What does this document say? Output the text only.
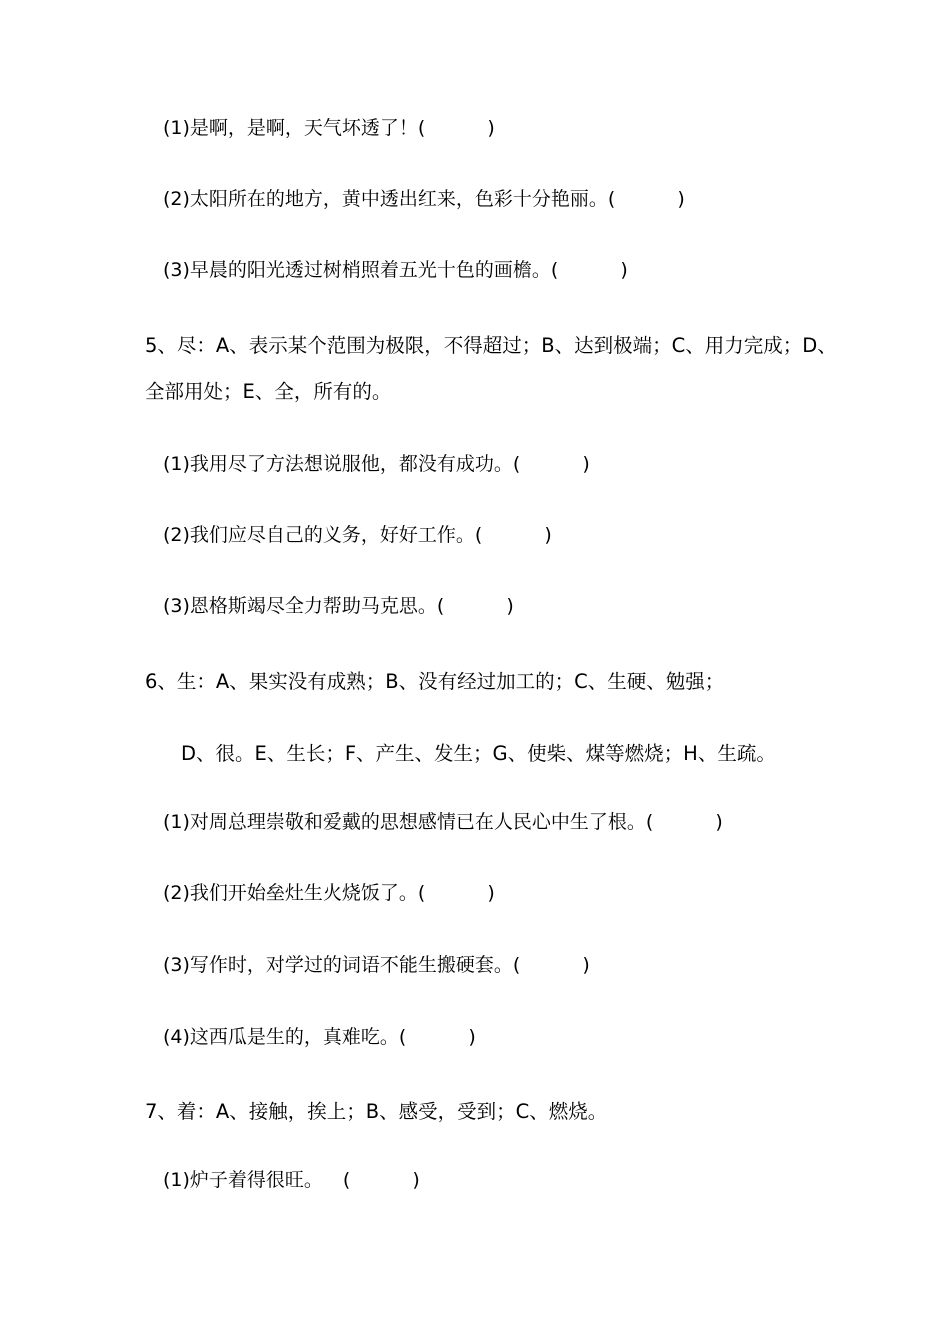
(1)是啊，是啊，天气坏透了！(	)
(2)太阳所在的地方，黄中透出红来，色彩十分艳丽。(	)
(3)早晨的阳光透过树梢照着五光十色的画檐。(	)
5、尽：A、表示某个范围为极限，不得超过；B、达到极端；C、用力完成；D、
全部用处；E、全，所有的。
(1)我用尽了方法想说服他，都没有成功。(	)
(2)我们应尽自己的义务，好好工作。(	)
(3)恩格斯竭尽全力帮助马克思。(	)
6、生：A、果实没有成熟；B、没有经过加工的；C、生硬、勉强；
D、很。E、生长；F、产生、发生；G、使柴、煤等燃烧；H、生疏。
(1)对周总理崇敬和爱戴的思想感情已在人民心中生了根。(	)
(2)我们开始垒灶生火烧饭了。(	)
(3)写作时，对学过的词语不能生搬硬套。(	)
(4)这西瓜是生的，真难吃。(	)
7、着：A、接触，挨上；B、感受，受到；C、燃烧。
(1)炉子着得很旺。 (	)
